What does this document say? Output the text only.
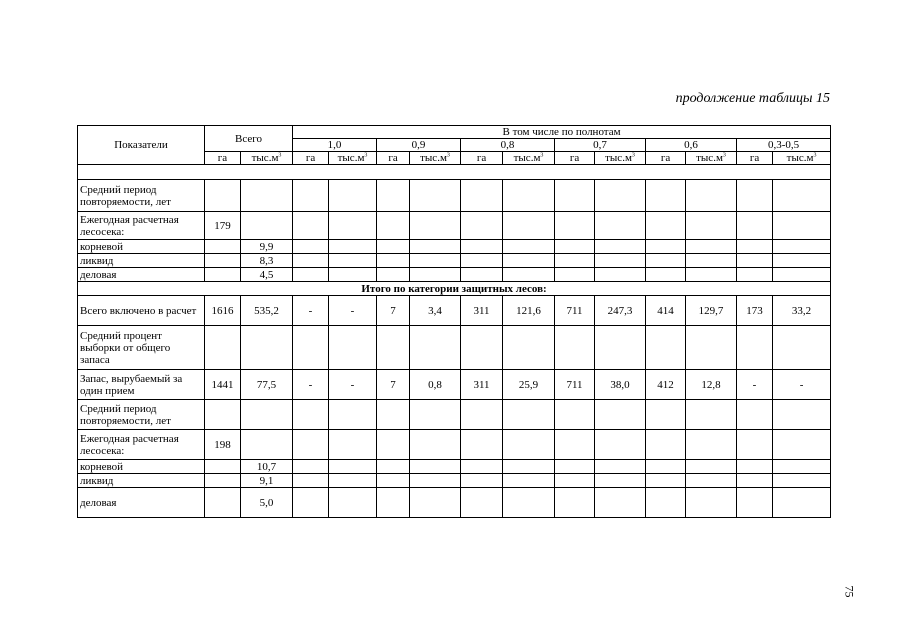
продолжение таблицы 15
Показатели	Всего		В том числе по полнотам											
			1,0		0,9		0,8		0,7		0,6		0,3-0,5	
	га	$тыс.м^3$	га	$тыс.м^3$	га	$тыс.м^3$	га	$тыс.м^3$	га	$тыс.м^3$	га	$тыс.м^3$	га	$тыс.м^3$

Средний период повторяемости, лет														
Ежегодная расчетная лесосека:	179													
корневой		9,9												
ликвид		8,3												
деловая		4,5												
Итого по категории защитных лесов:														
Всего включено в расчет	1616	535,2	-	-	7	3,4	311	121,6	711	247,3	414	129,7	173	33,2
Средний процент выборки от общего запаса														
Запас, вырубаемый за один прием	1441	77,5	-	-	7	0,8	311	25,9	711	38,0	412	12,8	-	-
Средний период повторяемости, лет														
Ежегодная расчетная лесосека:	198													
корневой		10,7												
ликвид		9,1												
деловая		5,0												
75
